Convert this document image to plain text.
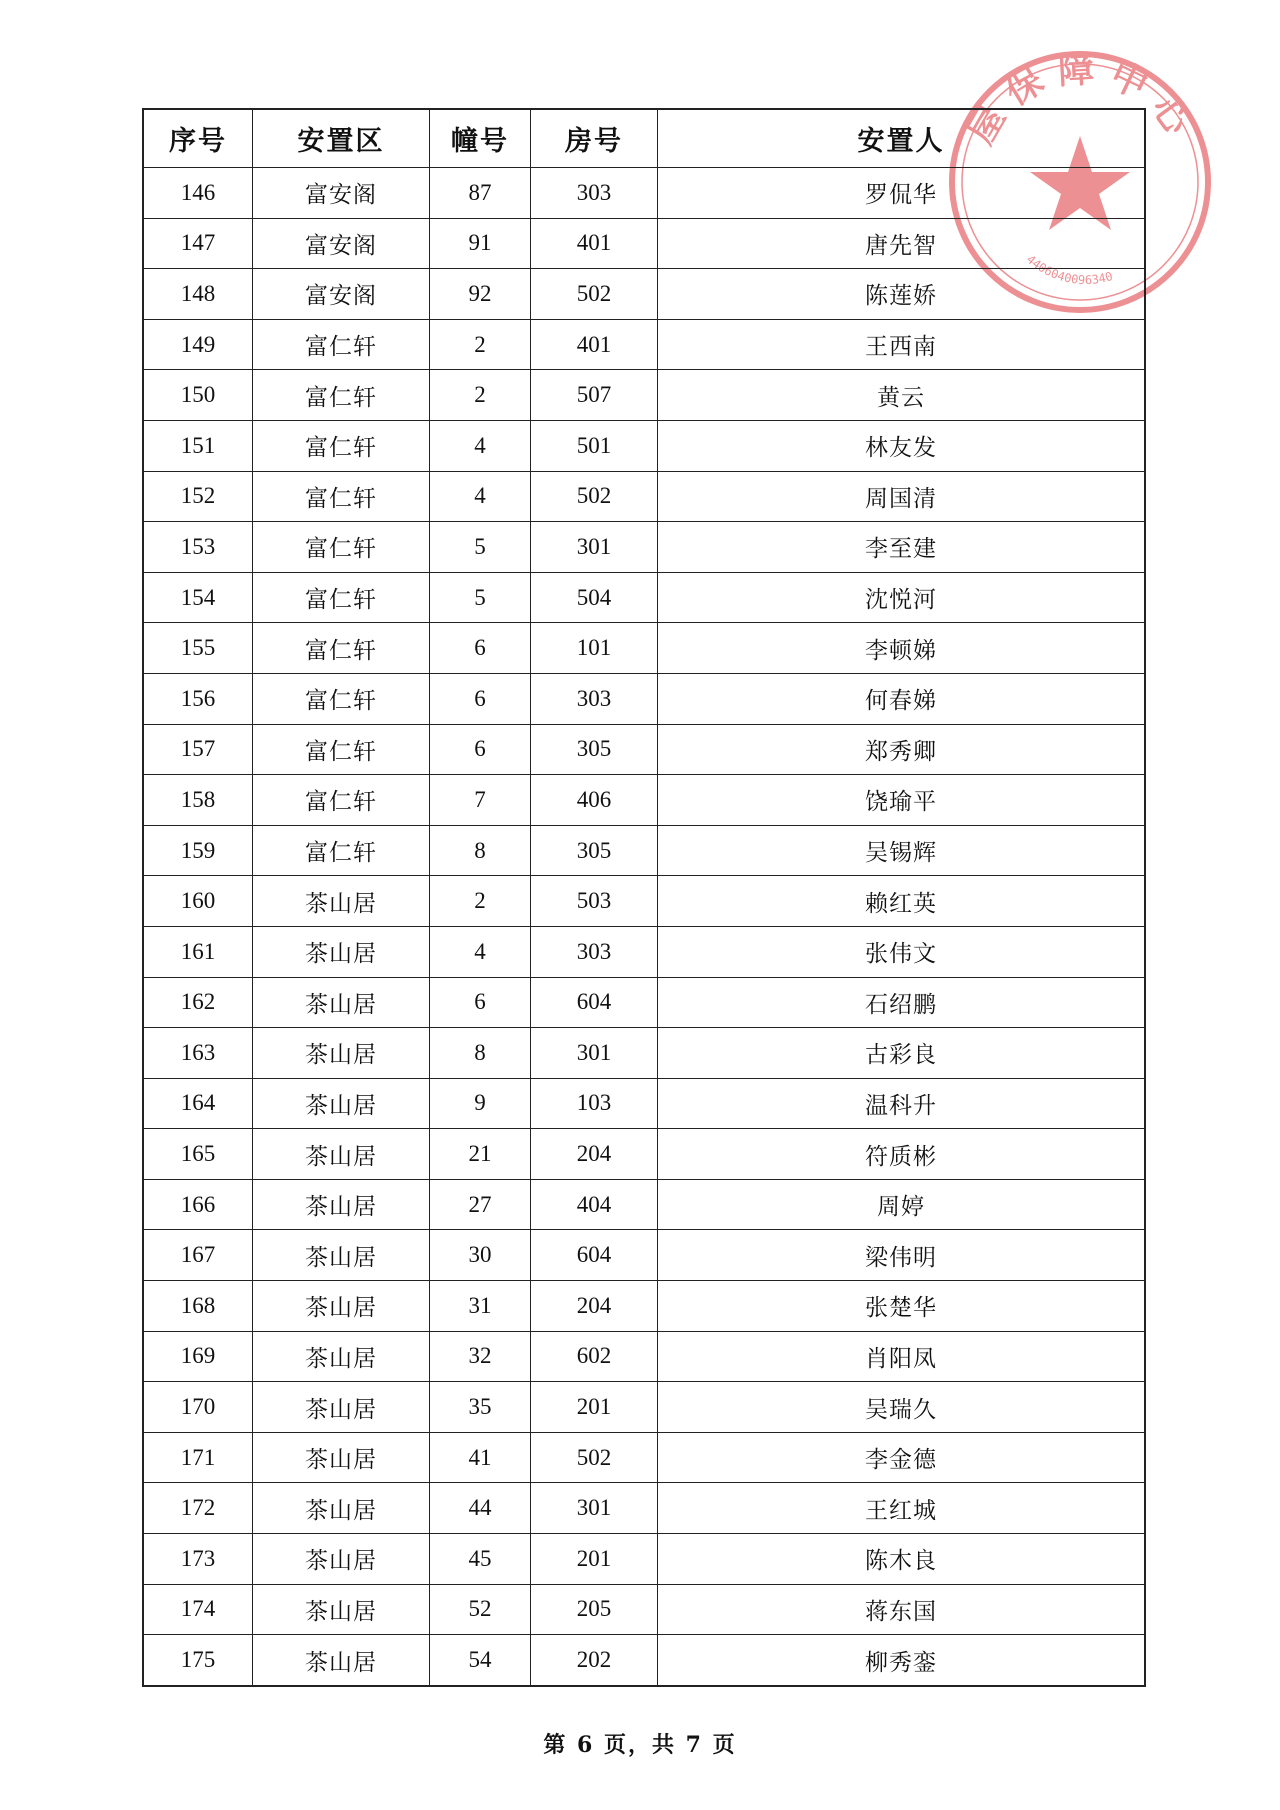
屋 保 障 中 心
4406040096340
序号	安置区	幢号	房号	安置人
146	富安阁	87	303	罗侃华
147	富安阁	91	401	唐先智
148	富安阁	92	502	陈莲娇
149	富仁轩	2	401	王西南
150	富仁轩	2	507	黄云
151	富仁轩	4	501	林友发
152	富仁轩	4	502	周国清
153	富仁轩	5	301	李至建
154	富仁轩	5	504	沈悦河
155	富仁轩	6	101	李顿娣
156	富仁轩	6	303	何春娣
157	富仁轩	6	305	郑秀卿
158	富仁轩	7	406	饶瑜平
159	富仁轩	8	305	吴锡辉
160	茶山居	2	503	赖红英
161	茶山居	4	303	张伟文
162	茶山居	6	604	石绍鹏
163	茶山居	8	301	古彩良
164	茶山居	9	103	温科升
165	茶山居	21	204	符质彬
166	茶山居	27	404	周婷
167	茶山居	30	604	梁伟明
168	茶山居	31	204	张楚华
169	茶山居	32	602	肖阳凤
170	茶山居	35	201	吴瑞久
171	茶山居	41	502	李金德
172	茶山居	44	301	王红城
173	茶山居	45	201	陈木良
174	茶山居	52	205	蒋东国
175	茶山居	54	202	柳秀銮
第 6 页，共 7 页
